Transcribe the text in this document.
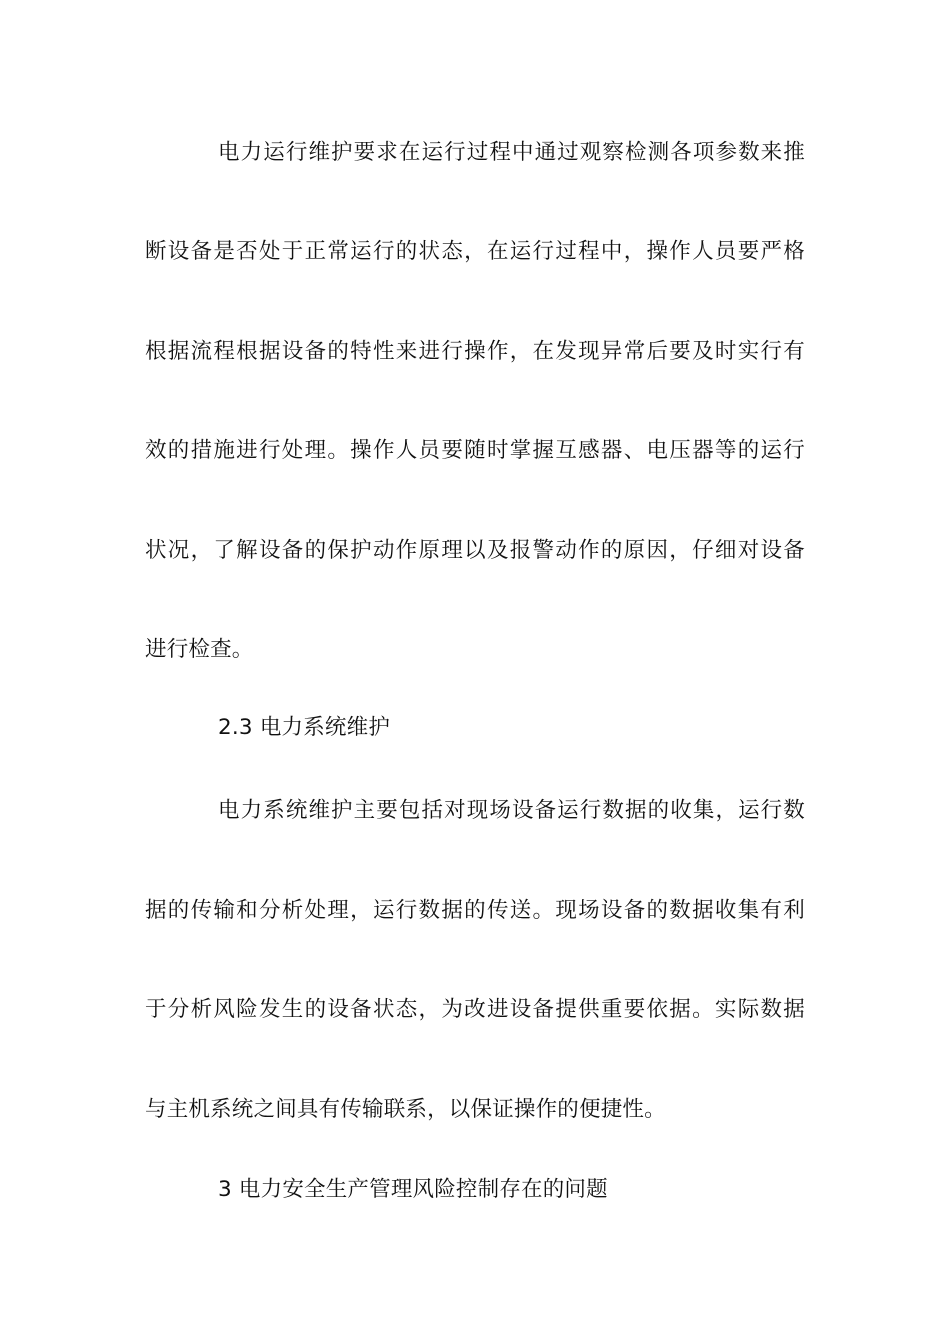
电力运行维护要求在运行过程中通过观察检测各项参数来推
断设备是否处于正常运行的状态，在运行过程中，操作人员要严格
根据流程根据设备的特性来进行操作，在发现异常后要及时实行有
效的措施进行处理。操作人员要随时掌握互感器、电压器等的运行
状况，了解设备的保护动作原理以及报警动作的原因，仔细对设备
进行检查。
2.3 电力系统维护
电力系统维护主要包括对现场设备运行数据的收集，运行数
据的传输和分析处理，运行数据的传送。现场设备的数据收集有利
于分析风险发生的设备状态，为改进设备提供重要依据。实际数据
与主机系统之间具有传输联系，以保证操作的便捷性。
3 电力安全生产管理风险控制存在的问题
